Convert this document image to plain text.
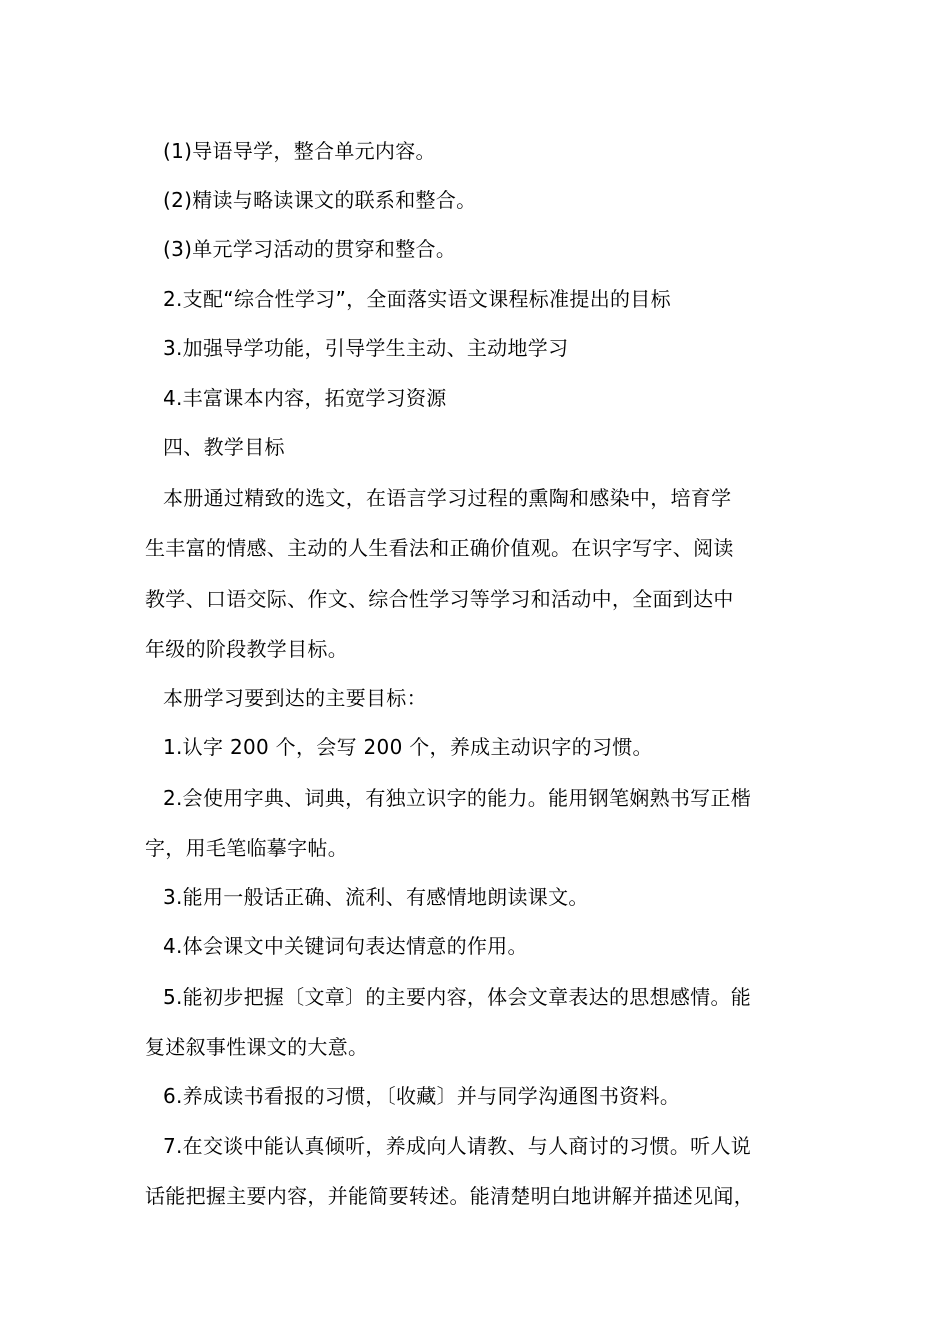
(1)导语导学，整合单元内容。
(2)精读与略读课文的联系和整合。
(3)单元学习活动的贯穿和整合。
2.支配“综合性学习”，全面落实语文课程标准提出的目标
3.加强导学功能，引导学生主动、主动地学习
4.丰富课本内容，拓宽学习资源
四、教学目标
本册通过精致的选文，在语言学习过程的熏陶和感染中，培育学
生丰富的情感、主动的人生看法和正确价值观。在识字写字、阅读
教学、口语交际、作文、综合性学习等学习和活动中，全面到达中
年级的阶段教学目标。
本册学习要到达的主要目标：
1.认字 200 个，会写 200 个，养成主动识字的习惯。
2.会使用字典、词典，有独立识字的能力。能用钢笔娴熟书写正楷
字，用毛笔临摹字帖。
3.能用一般话正确、流利、有感情地朗读课文。
4.体会课文中关键词句表达情意的作用。
5.能初步把握〔文章〕的主要内容，体会文章表达的思想感情。能
复述叙事性课文的大意。
6.养成读书看报的习惯，〔收藏〕并与同学沟通图书资料。
7.在交谈中能认真倾听，养成向人请教、与人商讨的习惯。听人说
话能把握主要内容，并能简要转述。能清楚明白地讲解并描述见闻，
